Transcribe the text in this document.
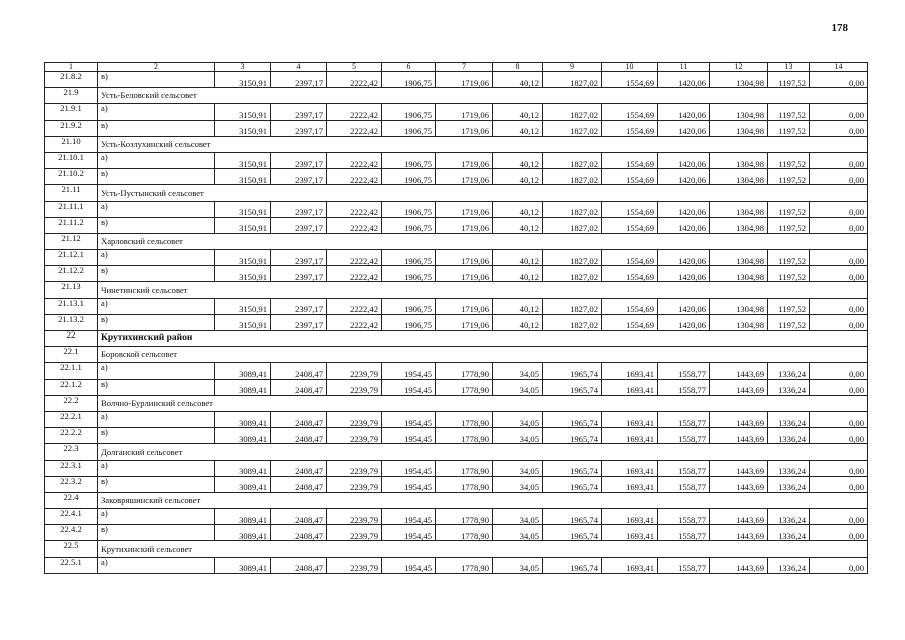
178
1	2	3	4	5	6	7	8	9	10	11	12	13	14
21.8.2	в)	3150,91	2397,17	2222,42	1906,75	1719,06	40,12	1827,02	1554,69	1420,06	1304,98	1197,52	0,00
21.9	Усть-Беловский сельсовет												
21.9.1	а)	3150,91	2397,17	2222,42	1906,75	1719,06	40,12	1827,02	1554,69	1420,06	1304,98	1197,52	0,00
21.9.2	в)	3150,91	2397,17	2222,42	1906,75	1719,06	40,12	1827,02	1554,69	1420,06	1304,98	1197,52	0,00
21.10	Усть-Козлухинский сельсовет												
21.10.1	а)	3150,91	2397,17	2222,42	1906,75	1719,06	40,12	1827,02	1554,69	1420,06	1304,98	1197,52	0,00
21.10.2	в)	3150,91	2397,17	2222,42	1906,75	1719,06	40,12	1827,02	1554,69	1420,06	1304,98	1197,52	0,00
21.11	Усть-Пустынский сельсовет												
21.11.1	а)	3150,91	2397,17	2222,42	1906,75	1719,06	40,12	1827,02	1554,69	1420,06	1304,98	1197,52	0,00
21.11.2	в)	3150,91	2397,17	2222,42	1906,75	1719,06	40,12	1827,02	1554,69	1420,06	1304,98	1197,52	0,00
21.12	Харловский сельсовет												
21.12.1	а)	3150,91	2397,17	2222,42	1906,75	1719,06	40,12	1827,02	1554,69	1420,06	1304,98	1197,52	0,00
21.12.2	в)	3150,91	2397,17	2222,42	1906,75	1719,06	40,12	1827,02	1554,69	1420,06	1304,98	1197,52	0,00
21.13	Чинетинский сельсовет												
21.13.1	а)	3150,91	2397,17	2222,42	1906,75	1719,06	40,12	1827,02	1554,69	1420,06	1304,98	1197,52	0,00
21.13.2	в)	3150,91	2397,17	2222,42	1906,75	1719,06	40,12	1827,02	1554,69	1420,06	1304,98	1197,52	0,00
22	Крутихинский район												
22.1	Боровской сельсовет												
22.1.1	а)	3089,41	2408,47	2239,79	1954,45	1778,90	34,05	1965,74	1693,41	1558,77	1443,69	1336,24	0,00
22.1.2	в)	3089,41	2408,47	2239,79	1954,45	1778,90	34,05	1965,74	1693,41	1558,77	1443,69	1336,24	0,00
22.2	Волчно-Бурлинский сельсовет												
22.2.1	а)	3089,41	2408,47	2239,79	1954,45	1778,90	34,05	1965,74	1693,41	1558,77	1443,69	1336,24	0,00
22.2.2	в)	3089,41	2408,47	2239,79	1954,45	1778,90	34,05	1965,74	1693,41	1558,77	1443,69	1336,24	0,00
22.3	Долганский сельсовет												
22.3.1	а)	3089,41	2408,47	2239,79	1954,45	1778,90	34,05	1965,74	1693,41	1558,77	1443,69	1336,24	0,00
22.3.2	в)	3089,41	2408,47	2239,79	1954,45	1778,90	34,05	1965,74	1693,41	1558,77	1443,69	1336,24	0,00
22.4	Заковряшинский сельсовет												
22.4.1	а)	3089,41	2408,47	2239,79	1954,45	1778,90	34,05	1965,74	1693,41	1558,77	1443,69	1336,24	0,00
22.4.2	в)	3089,41	2408,47	2239,79	1954,45	1778,90	34,05	1965,74	1693,41	1558,77	1443,69	1336,24	0,00
22.5	Крутихинский сельсовет												
22.5.1	а)	3089,41	2408,47	2239,79	1954,45	1778,90	34,05	1965,74	1693,41	1558,77	1443,69	1336,24	0,00
